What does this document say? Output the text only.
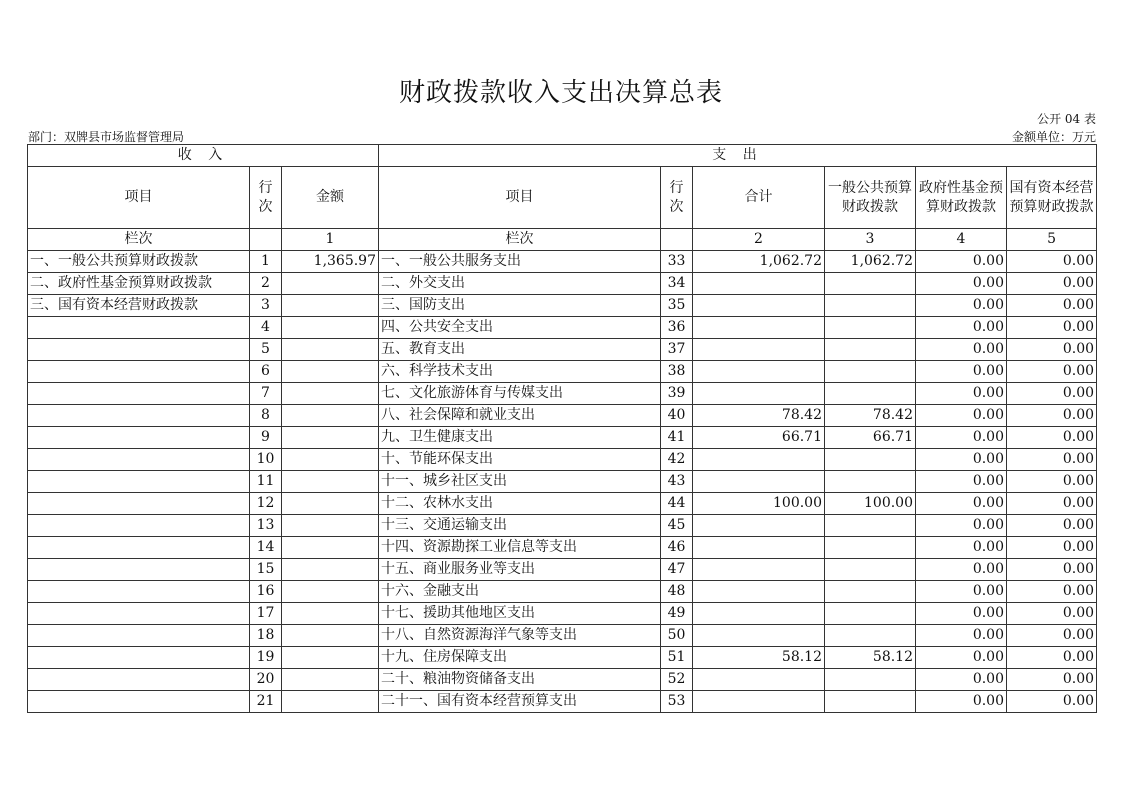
财政拨款收入支出决算总表
公开 04 表
部门：双牌县市场监督管理局	金额单位：万元
收 入			支 出					
项目	行次	金额	项目	行次	合计	一般公共预算财政拨款	政府性基金预算财政拨款	国有资本经营预算财政拨款
栏次		1	栏次		2	3	4	5
一、一般公共预算财政拨款	1	1,365.97	一、一般公共服务支出	33	1,062.72	1,062.72	0.00	0.00
二、政府性基金预算财政拨款	2		二、外交支出	34			0.00	0.00
三、国有资本经营财政拨款	3		三、国防支出	35			0.00	0.00
	4		四、公共安全支出	36			0.00	0.00
	5		五、教育支出	37			0.00	0.00
	6		六、科学技术支出	38			0.00	0.00
	7		七、文化旅游体育与传媒支出	39			0.00	0.00
	8		八、社会保障和就业支出	40	78.42	78.42	0.00	0.00
	9		九、卫生健康支出	41	66.71	66.71	0.00	0.00
	10		十、节能环保支出	42			0.00	0.00
	11		十一、城乡社区支出	43			0.00	0.00
	12		十二、农林水支出	44	100.00	100.00	0.00	0.00
	13		十三、交通运输支出	45			0.00	0.00
	14		十四、资源勘探工业信息等支出	46			0.00	0.00
	15		十五、商业服务业等支出	47			0.00	0.00
	16		十六、金融支出	48			0.00	0.00
	17		十七、援助其他地区支出	49			0.00	0.00
	18		十八、自然资源海洋气象等支出	50			0.00	0.00
	19		十九、住房保障支出	51	58.12	58.12	0.00	0.00
	20		二十、粮油物资储备支出	52			0.00	0.00
	21		二十一、国有资本经营预算支出	53			0.00	0.00
